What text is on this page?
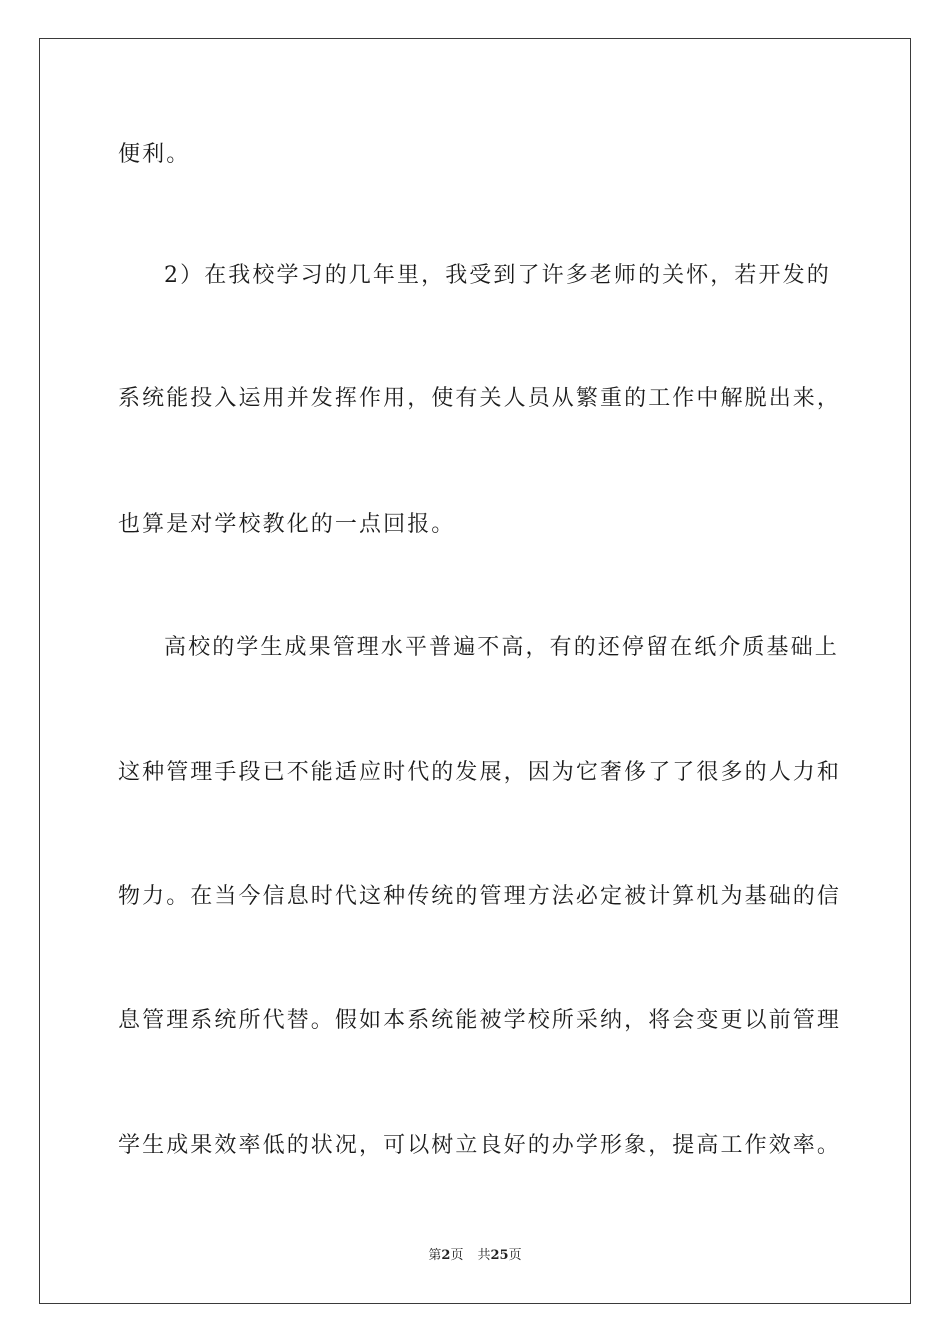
便利。
2）在我校学习的几年里，我受到了许多老师的关怀，若开发的
系统能投入运用并发挥作用，使有关人员从繁重的工作中解脱出来，
也算是对学校教化的一点回报。
高校的学生成果管理水平普遍不高，有的还停留在纸介质基础上
这种管理手段已不能适应时代的发展，因为它奢侈了了很多的人力和
物力。在当今信息时代这种传统的管理方法必定被计算机为基础的信
息管理系统所代替。假如本系统能被学校所采纳，将会变更以前管理
学生成果效率低的状况，可以树立良好的办学形象，提高工作效率。
第2页 共25页
